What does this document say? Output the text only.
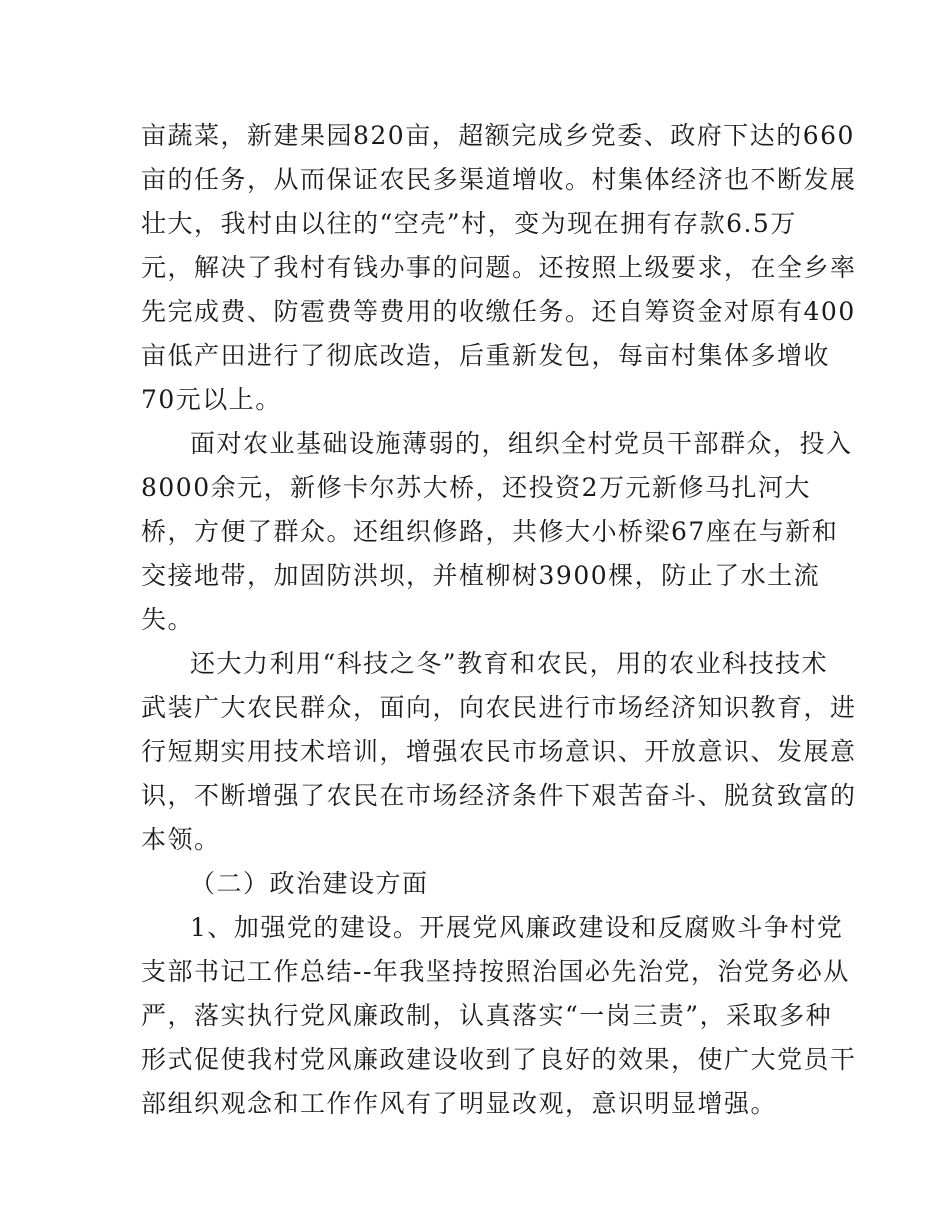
亩蔬菜，新建果园820亩，超额完成乡党委、政府下达的660
亩的任务，从而保证农民多渠道增收。村集体经济也不断发展
壮大，我村由以往的“空壳”村，变为现在拥有存款6.5万
元，解决了我村有钱办事的问题。还按照上级要求，在全乡率
先完成费、防雹费等费用的收缴任务。还自筹资金对原有400
亩低产田进行了彻底改造，后重新发包，每亩村集体多增收
70元以上。
面对农业基础设施薄弱的，组织全村党员干部群众，投入
8000余元，新修卡尔苏大桥，还投资2万元新修马扎河大
桥，方便了群众。还组织修路，共修大小桥梁67座在与新和
交接地带，加固防洪坝，并植柳树3900棵，防止了水土流
失。
还大力利用“科技之冬”教育和农民，用的农业科技技术
武装广大农民群众，面向，向农民进行市场经济知识教育，进
行短期实用技术培训，增强农民市场意识、开放意识、发展意
识，不断增强了农民在市场经济条件下艰苦奋斗、脱贫致富的
本领。
（二）政治建设方面
1、加强党的建设。开展党风廉政建设和反腐败斗争村党
支部书记工作总结--年我坚持按照治国必先治党，治党务必从
严，落实执行党风廉政制，认真落实“一岗三责”，采取多种
形式促使我村党风廉政建设收到了良好的效果，使广大党员干
部组织观念和工作作风有了明显改观，意识明显增强。
